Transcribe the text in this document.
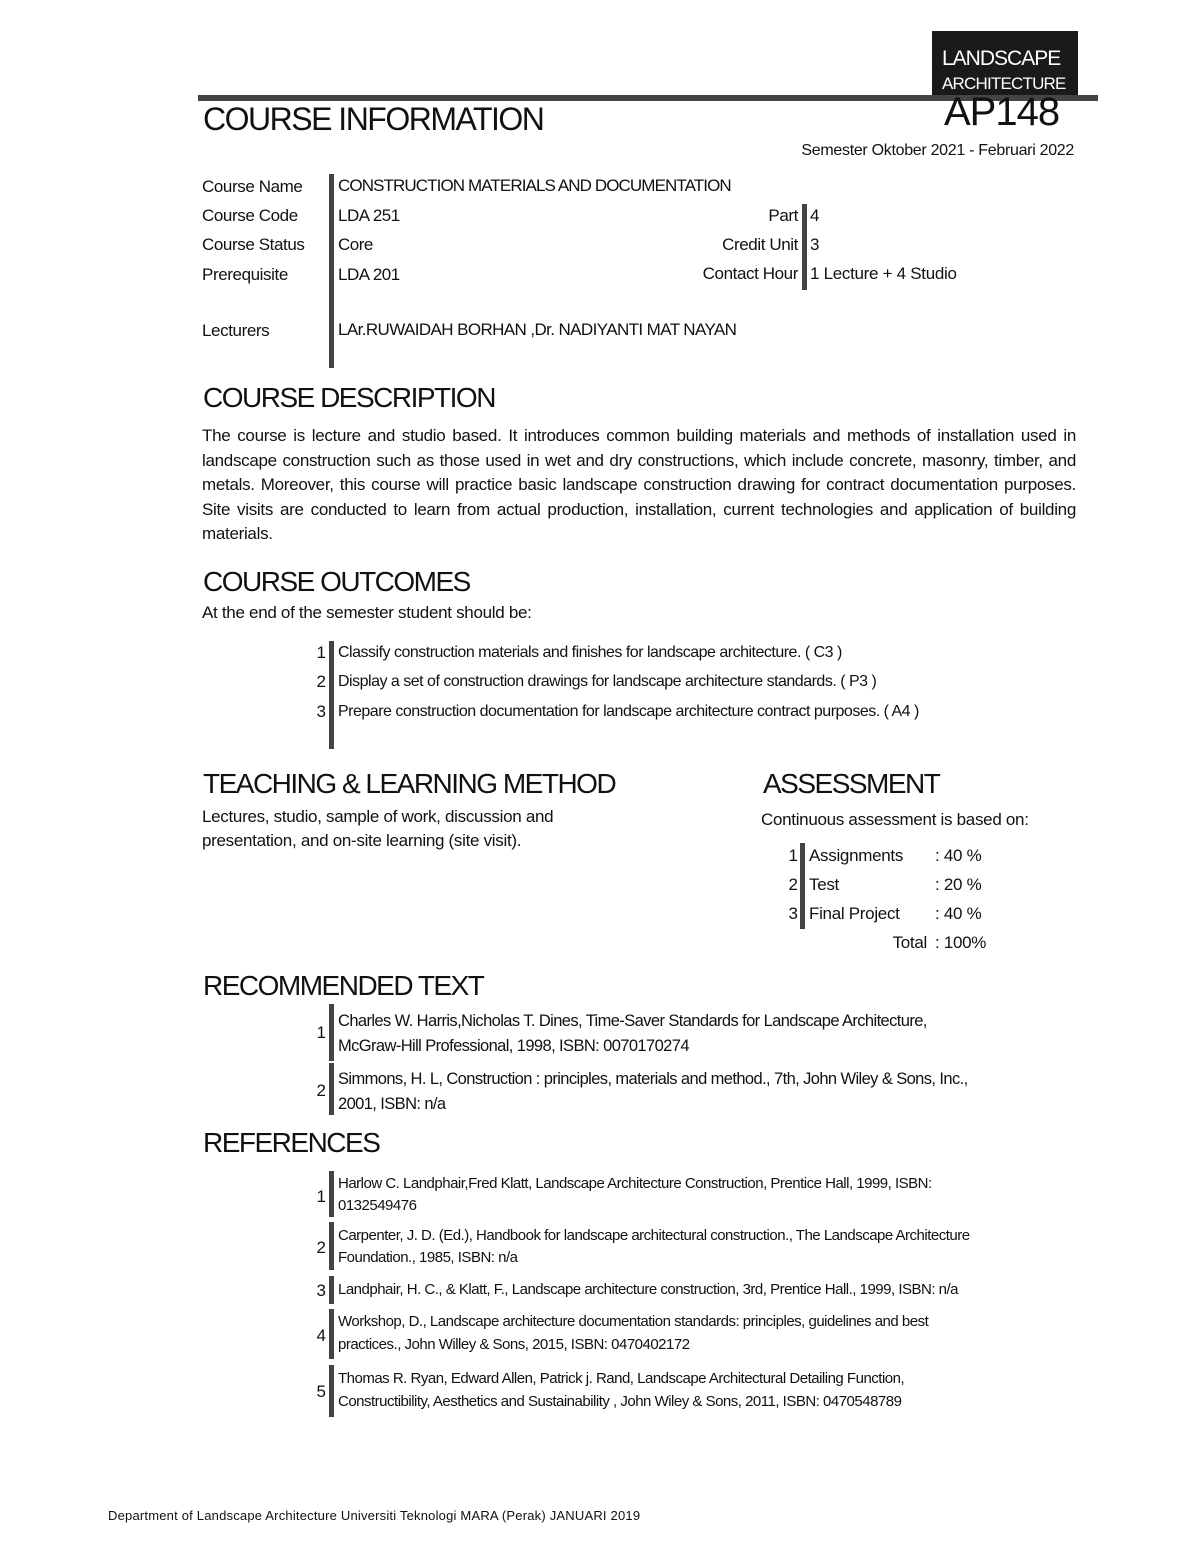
LANDSCAPE
ARCHITECTURE
COURSE INFORMATION	AP148
Semester Oktober 2021 - Februari 2022
Course Name CONSTRUCTION MATERIALS AND DOCUMENTATION
Course Code LDA 251	Part 4
Course Status Core	Credit Unit 3
Prerequisite	LDA 201	Contact Hour 1 Lecture + 4 Studio
Lecturers	LAr.RUWAIDAH BORHAN ,Dr. NADIYANTI MAT NAYAN
COURSE DESCRIPTION
The course is lecture and studio based. It introduces common building materials and methods of installation used in landscape construction such as those used in wet and dry constructions, which include concrete, masonry, timber, and metals. Moreover, this course will practice basic landscape construction drawing for contract documentation purposes. Site visits are conducted to learn from actual production, installation, current technologies and application of building materials.
COURSE OUTCOMES
At the end of the semester student should be:
1 Classify construction materials and finishes for landscape architecture. ( C3 )
2 Display a set of construction drawings for landscape architecture standards. ( P3 )
3 Prepare construction documentation for landscape architecture contract purposes. ( A4 )
TEACHING & LEARNING METHOD
Lectures, studio, sample of work, discussion and presentation, and on-site learning (site visit).
ASSESSMENT
Continuous assessment is based on:
1 Assignments : 40 %
2 Test	: 20 %
3 Final Project : 40 %
Total : 100%
RECOMMENDED TEXT
1
Charles W. Harris,Nicholas T. Dines, Time-Saver Standards for Landscape Architecture,
McGraw-Hill Professional, 1998, ISBN: 0070170274
2
Simmons, H. L, Construction : principles, materials and method., 7th, John Wiley & Sons, Inc.,
2001, ISBN: n/a
REFERENCES
1
Harlow C. Landphair,Fred Klatt, Landscape Architecture Construction, Prentice Hall, 1999, ISBN:
0132549476
2
Carpenter, J. D. (Ed.), Handbook for landscape architectural construction., The Landscape Architecture
Foundation., 1985, ISBN: n/a
3 Landphair, H. C., & Klatt, F., Landscape architecture construction, 3rd, Prentice Hall., 1999, ISBN: n/a
4
Workshop, D., Landscape architecture documentation standards: principles, guidelines and best
practices., John Willey & Sons, 2015, ISBN: 0470402172
5
Thomas R. Ryan, Edward Allen, Patrick j. Rand, Landscape Architectural Detailing Function,
Constructibility, Aesthetics and Sustainability , John Wiley & Sons, 2011, ISBN: 0470548789
Department of Landscape Architecture Universiti Teknologi MARA (Perak) JANUARI 2019
